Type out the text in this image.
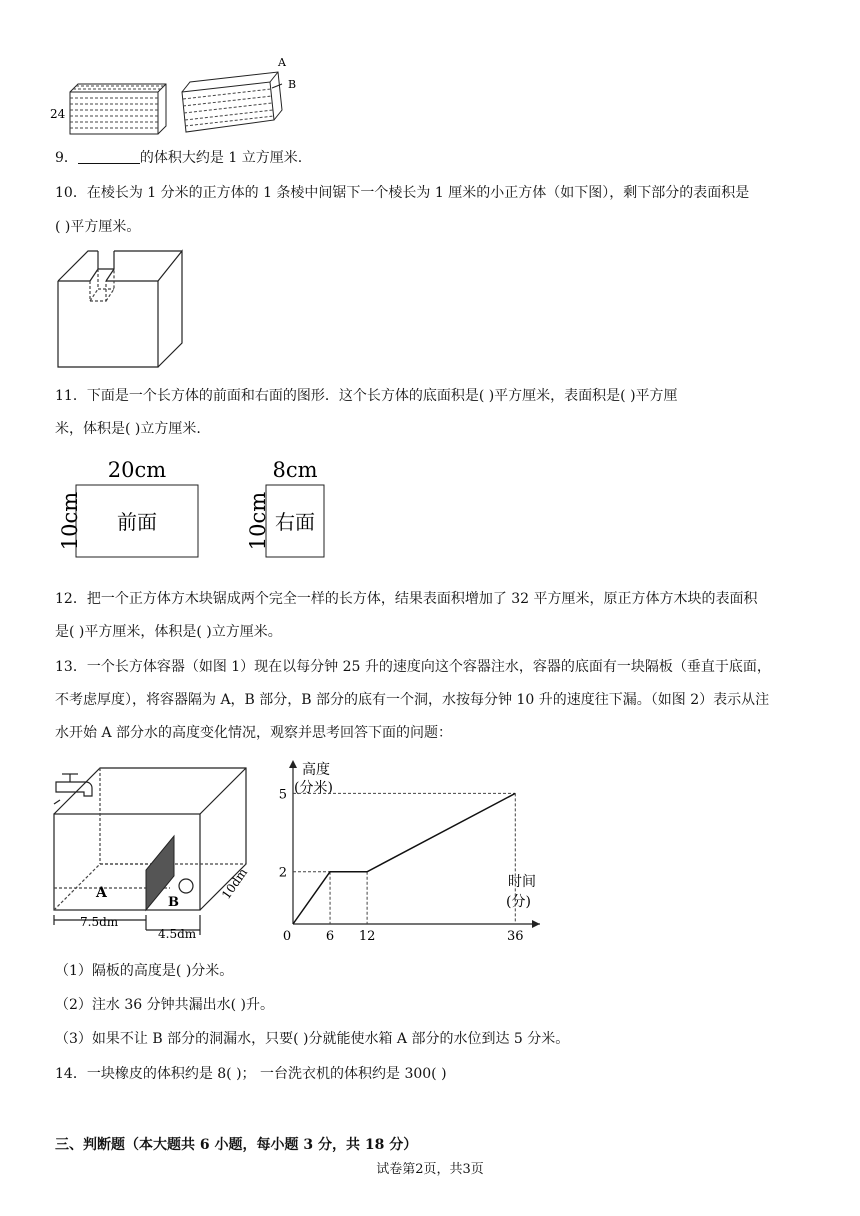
24
A
B
9．	的体积大约是 1 立方厘米.
10．在棱长为 1 分米的正方体的 1 条棱中间锯下一个棱长为 1 厘米的小正方体（如下图），剩下部分的表面积是
( )平方厘米。
11．下面是一个长方体的前面和右面的图形．这个长方体的底面积是( )平方厘米，表面积是( )平方厘
米，体积是( )立方厘米.
20cm
前面
10cm
8cm
右面
10cm
12．把一个正方体方木块锯成两个完全一样的长方体，结果表面积增加了 32 平方厘米，原正方体方木块的表面积
是( )平方厘米，体积是( )立方厘米。
13．一个长方体容器（如图 1）现在以每分钟 25 升的速度向这个容器注水，容器的底面有一块隔板（垂直于底面，
不考虑厚度），将容器隔为 A，B 部分，B 部分的底有一个洞，水按每分钟 10 升的速度往下漏。（如图 2）表示从注
水开始 A 部分水的高度变化情况，观察并思考回答下面的问题：
A
B
7.5dm
4.5dm
10dm
高度
(分米)
时间
(分)
0
2
5
6 12	36
（1）隔板的高度是( )分米。
（2）注水 36 分钟共漏出水( )升。
（3）如果不让 B 部分的洞漏水，只要( )分就能使水箱 A 部分的水位到达 5 分米。
14．一块橡皮的体积约是 8( )； 一台洗衣机的体积约是 300( )
三、判断题（本大题共 6 小题，每小题 3 分，共 18 分）
试卷第2页，共3页
